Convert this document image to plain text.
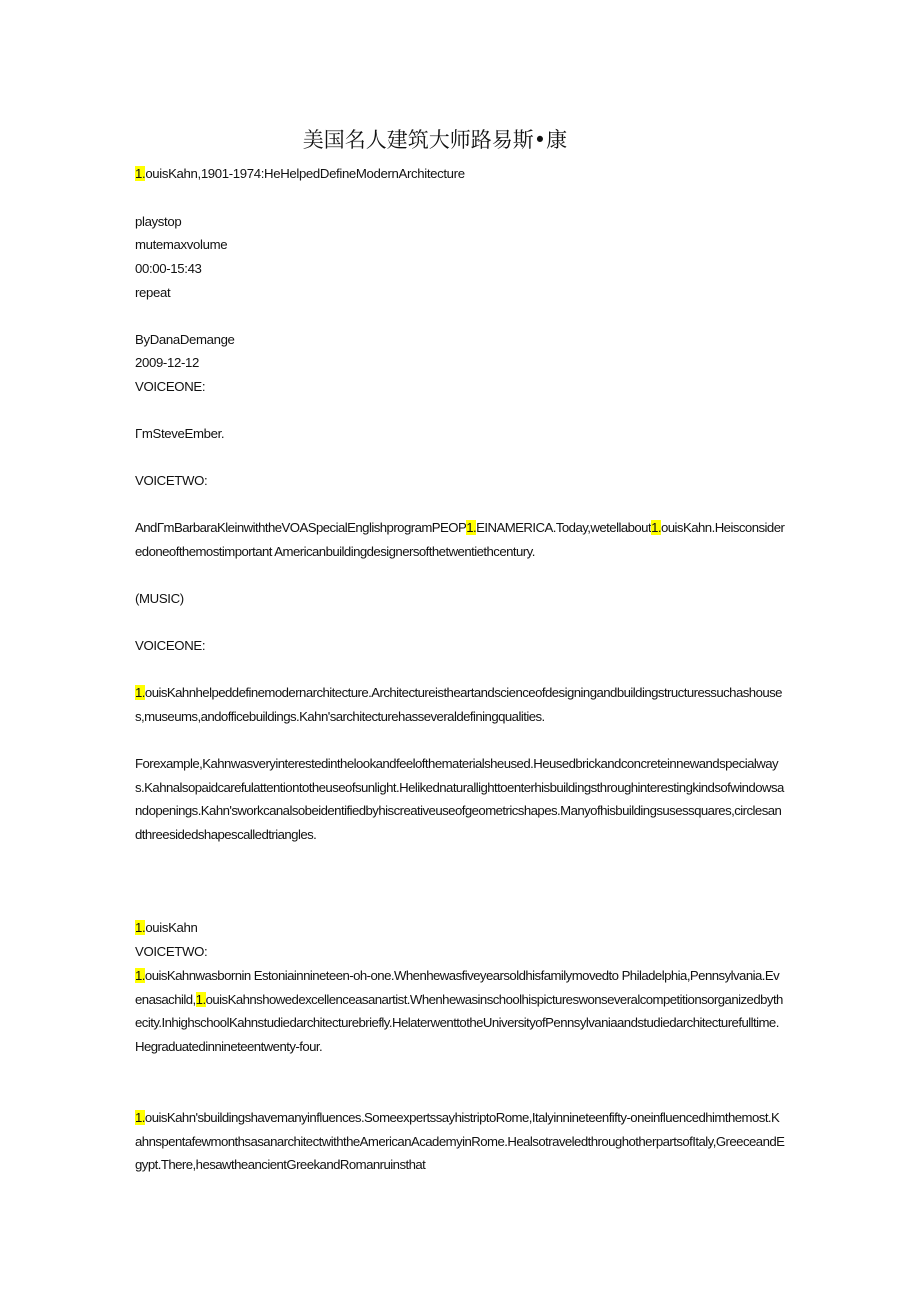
美国名人建筑大师路易斯•康
1.ouisKahn,1901-1974:HeHelpedDefineModernArchitecture
playstop
mutemaxvolume
00:00-15:43
repeat
ByDanaDemange
2009-12-12
VOICEONE:
ΓmSteveEmber.
VOICETWO:
AndΓmBarbaraKleinwiththeVOASpecialEnglishprogramPEOP1.EINAMERICA.Today,wetellabout1.ouisKahn.Heisconsideredoneofthemostimportant Americanbuildingdesignersofthetwentiethcentury.
(MUSIC)
VOICEONE:
1.ouisKahnhelpeddefinemodernarchitecture.Architectureistheartandscienceofdesigningandbuildingstructuressuchashouses,museums,andofficebuildings.Kahn'sarchitecturehasseveraldefiningqualities.
Forexample,Kahnwasveryinterestedinthelookandfeelofthematerialsheused.Heusedbrickandconcreteinnewandspecialways.Kahnalsopaidcarefulattentiontotheuseofsunlight.Helikednaturallighttoenterhisbuildingsthroughinterestingkindsofwindowsandopenings.Kahn'sworkcanalsobeidentifiedbyhiscreativeuseofgeometricshapes.Manyofhisbuildingsusessquares,circlesandthreesidedshapescalledtriangles.
1.ouisKahn
VOICETWO:
1.ouisKahnwasbornin Estoniainnineteen-oh-one.Whenhewasfiveyearsoldhisfamilymovedto Philadelphia,Pennsylvania.Evenasachild,1.ouisKahnshowedexcellenceasanartist.Whenhewasinschoolhispictureswonseveralcompetitionsorganizedbythecity.InhighschoolKahnstudiedarchitecturebriefly.HelaterwenttotheUniversityofPennsylvaniaandstudiedarchitecturefulltime.Hegraduatedinnineteentwenty-four.
1.ouisKahn'sbuildingshavemanyinfluences.SomeexpertssayhistriptoRome,Italyinnineteenfifty-oneinfluencedhimthemost.KahnspentafewmonthsasanarchitectwiththeAmericanAcademyinRome.HealsotraveledthroughotherpartsofItaly,GreeceandEgypt.There,hesawtheancientGreekandRomanruinsthat
